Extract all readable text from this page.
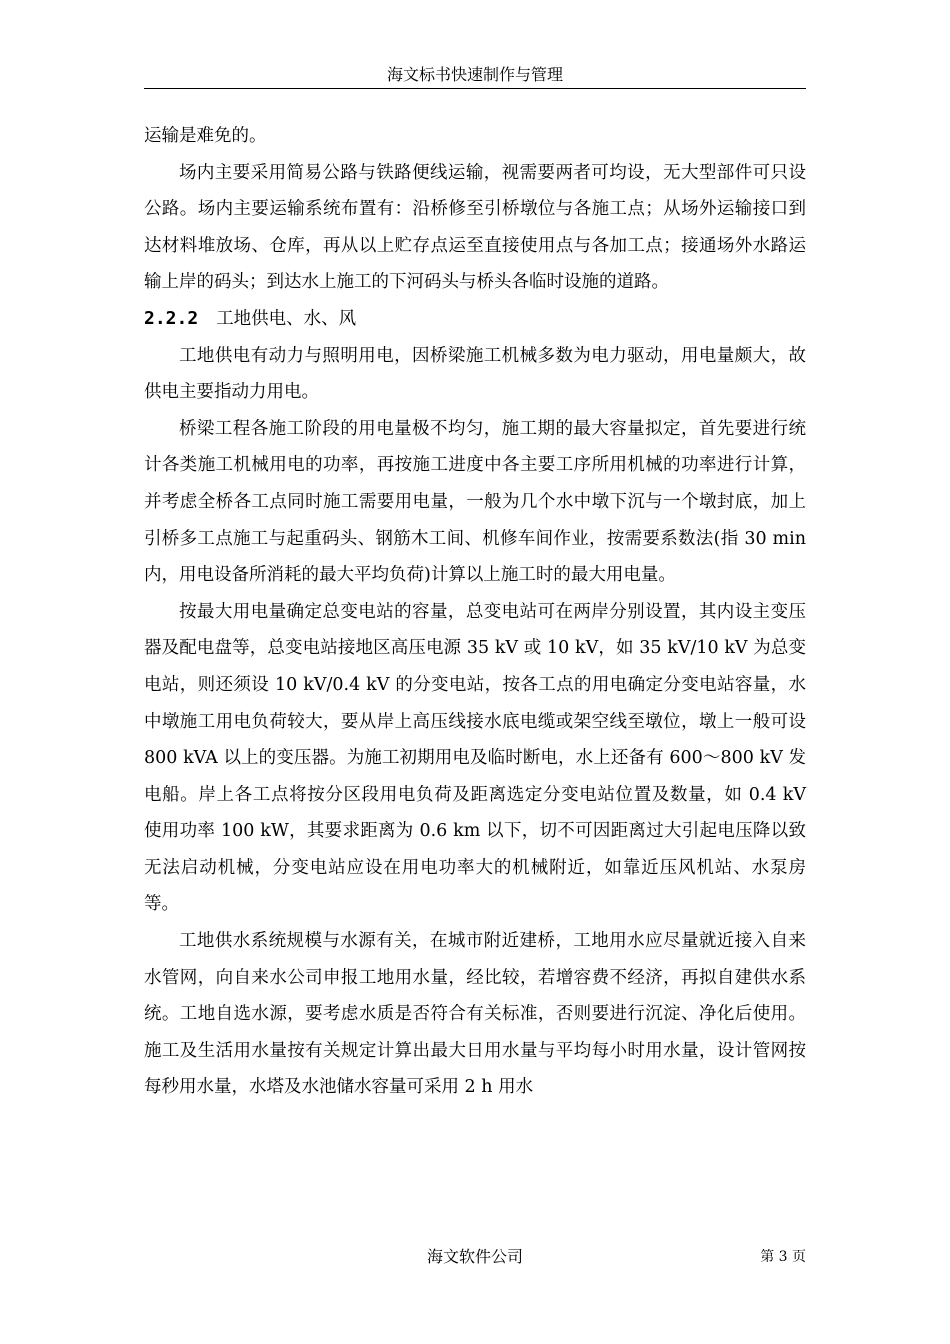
海文标书快速制作与管理

运输是难免的。

场内主要采用简易公路与铁路便线运输，视需要两者可均设，无大型部件可只设公路。场内主要运输系统布置有：沿桥修至引桥墩位与各施工点；从场外运输接口到达材料堆放场、仓库，再从以上贮存点运至直接使用点与各加工点；接通场外水路运输上岸的码头；到达水上施工的下河码头与桥头各临时设施的道路。

2.2.2 工地供电、水、风

工地供电有动力与照明用电，因桥梁施工机械多数为电力驱动，用电量颇大，故供电主要指动力用电。

桥梁工程各施工阶段的用电量极不均匀，施工期的最大容量拟定，首先要进行统计各类施工机械用电的功率，再按施工进度中各主要工序所用机械的功率进行计算，并考虑全桥各工点同时施工需要用电量，一般为几个水中墩下沉与一个墩封底，加上引桥多工点施工与起重码头、钢筋木工间、机修车间作业，按需要系数法(指 30 min 内，用电设备所消耗的最大平均负荷)计算以上施工时的最大用电量。

按最大用电量确定总变电站的容量，总变电站可在两岸分别设置，其内设主变压器及配电盘等，总变电站接地区高压电源 35 kV 或 10 kV，如 35 kV/10 kV 为总变电站，则还须设 10 kV/0.4 kV 的分变电站，按各工点的用电确定分变电站容量，水中墩施工用电负荷较大，要从岸上高压线接水底电缆或架空线至墩位，墩上一般可设 800 kVA 以上的变压器。为施工初期用电及临时断电，水上还备有 600～800 kV 发电船。岸上各工点将按分区段用电负荷及距离选定分变电站位置及数量，如 0.4 kV 使用功率 100 kW，其要求距离为 0.6 km 以下，切不可因距离过大引起电压降以致无法启动机械，分变电站应设在用电功率大的机械附近，如靠近压风机站、水泵房等。

工地供水系统规模与水源有关，在城市附近建桥，工地用水应尽量就近接入自来水管网，向自来水公司申报工地用水量，经比较，若增容费不经济，再拟自建供水系统。工地自选水源，要考虑水质是否符合有关标准，否则要进行沉淀、净化后使用。施工及生活用水量按有关规定计算出最大日用水量与平均每小时用水量，设计管网按每秒用水量，水塔及水池储水容量可采用 2 h 用水

海文软件公司	第 3 页
